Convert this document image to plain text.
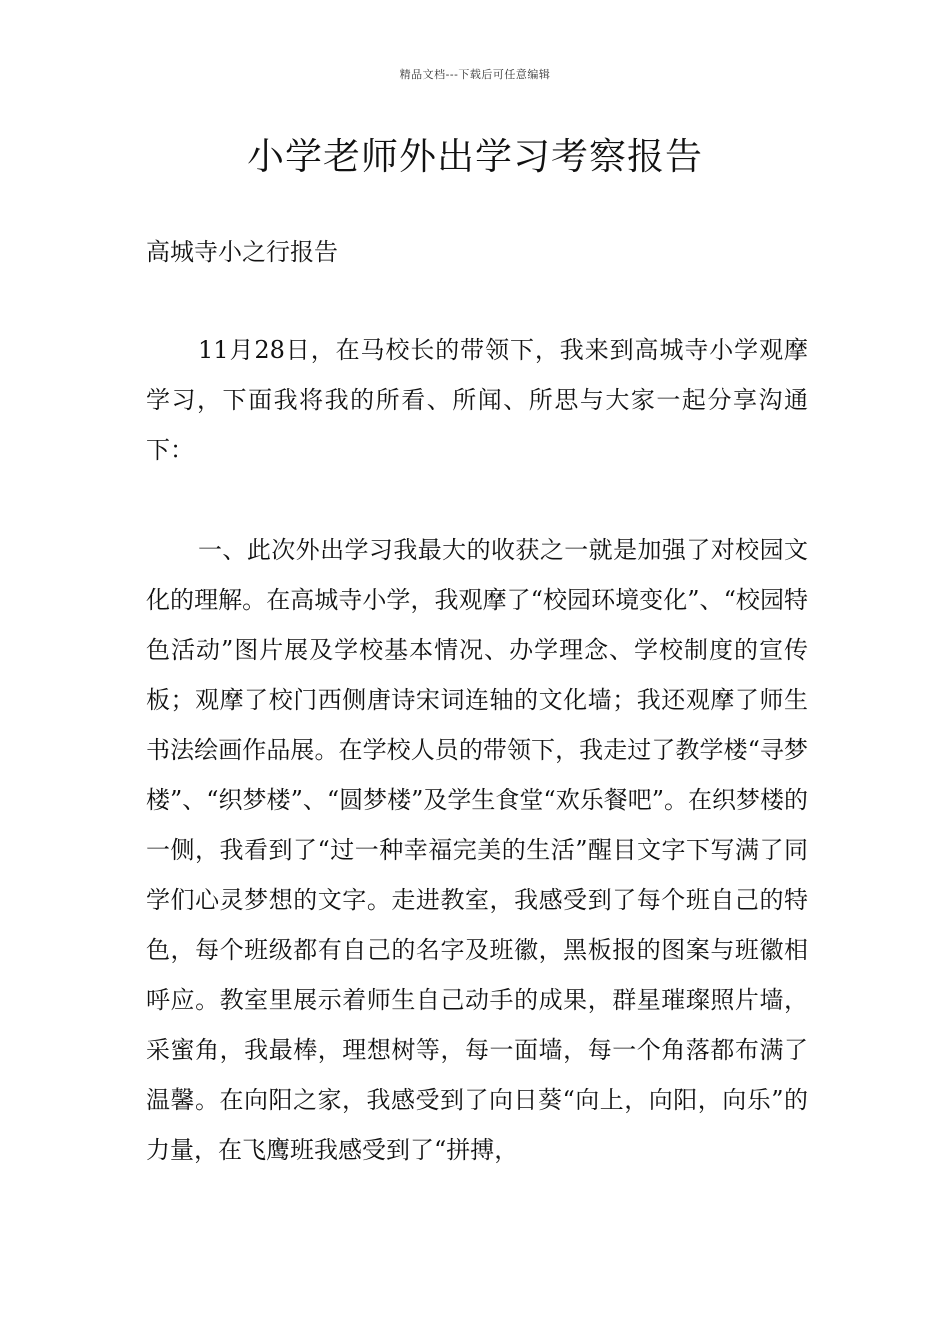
精品文档---下载后可任意编辑
小学老师外出学习考察报告

高城寺小之行报告

11月28日，在马校长的带领下，我来到高城寺小学观摩学习，下面我将我的所看、所闻、所思与大家一起分享沟通下：

一、此次外出学习我最大的收获之一就是加强了对校园文化的理解。在高城寺小学，我观摩了“校园环境变化”、“校园特色活动”图片展及学校基本情况、办学理念、学校制度的宣传板；观摩了校门西侧唐诗宋词连轴的文化墙；我还观摩了师生书法绘画作品展。在学校人员的带领下，我走过了教学楼“寻梦楼”、“织梦楼”、“圆梦楼”及学生食堂“欢乐餐吧”。在织梦楼的一侧，我看到了“过一种幸福完美的生活”醒目文字下写满了同学们心灵梦想的文字。走进教室，我感受到了每个班自己的特色，每个班级都有自己的名字及班徽，黑板报的图案与班徽相呼应。教室里展示着师生自己动手的成果，群星璀璨照片墙，采蜜角，我最棒，理想树等，每一面墙，每一个角落都布满了温馨。在向阳之家，我感受到了向日葵“向上，向阳，向乐”的力量，在飞鹰班我感受到了“拼搏，
